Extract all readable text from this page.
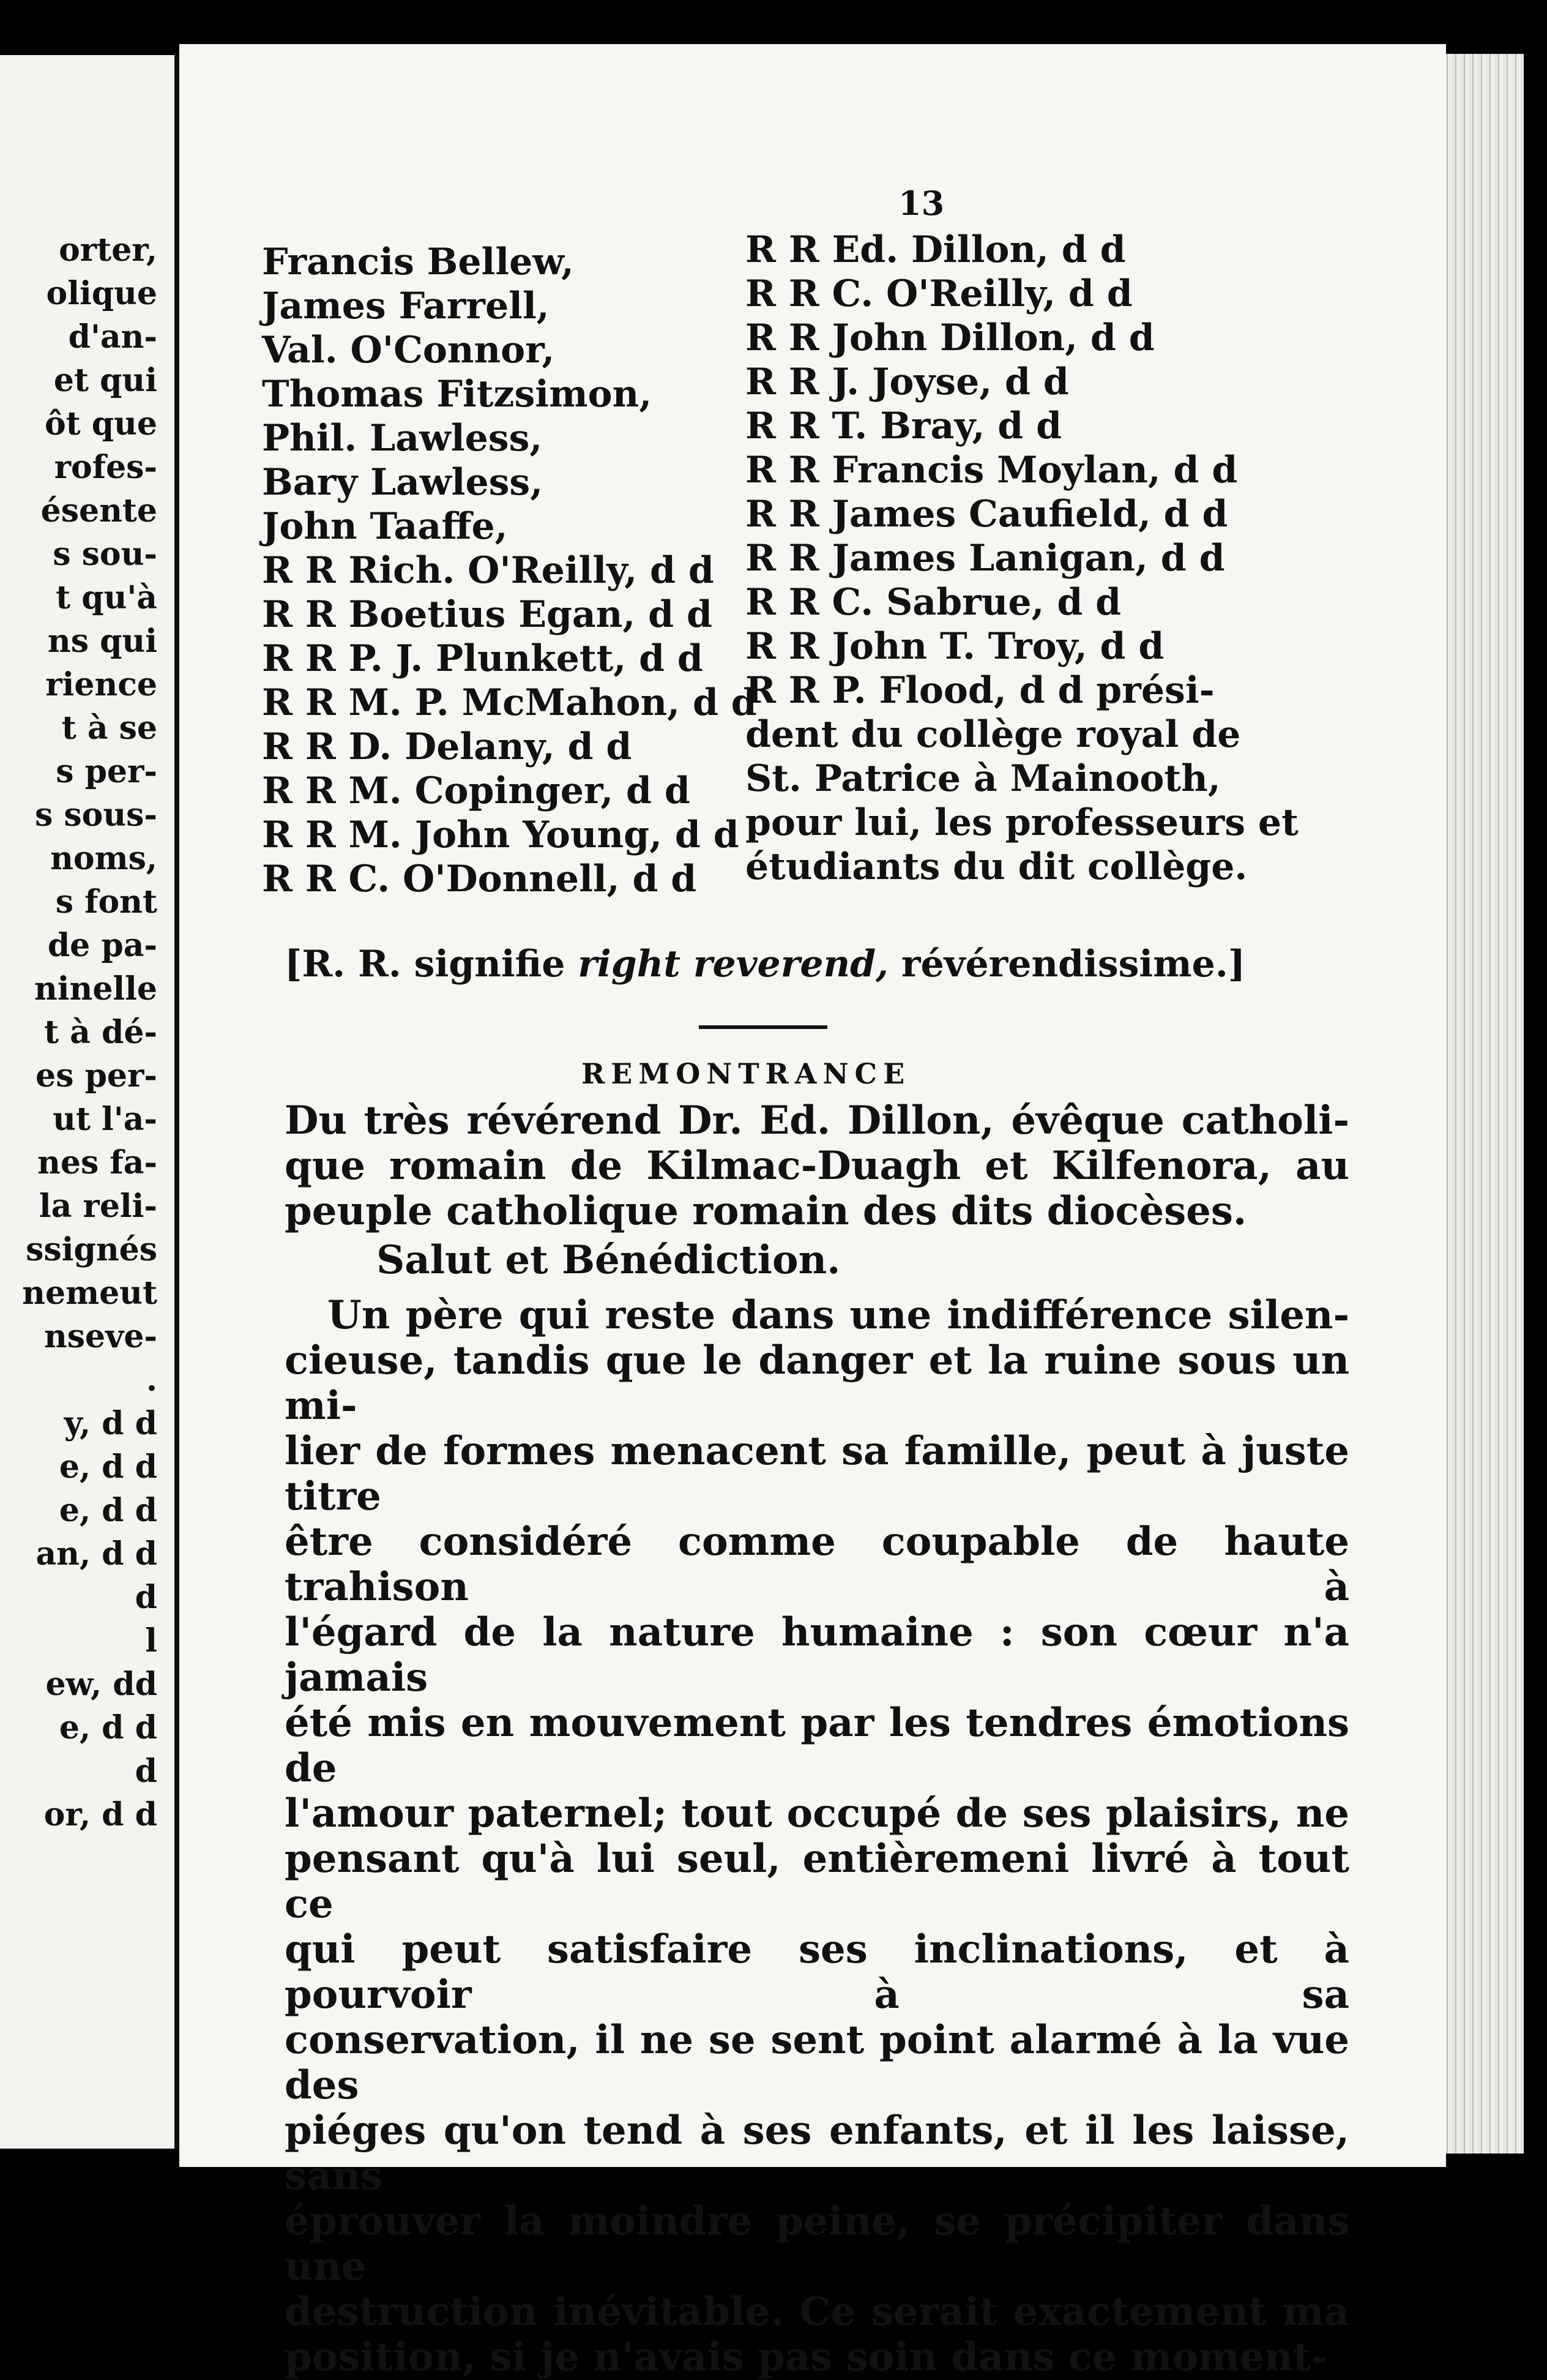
orter,
olique
d'an-
et qui
ôt que
rofes-
ésente
s sou-
t qu'à
ns qui
rience
t à se
s per-
s sous-
noms,
s font
de pa-
ninelle
t à dé-
es per-
ut l'a-
nes fa-
la reli-
ssignés
nemeut
nseve-
.
y, d d
e, d d
e, d d
an, d d
d
l
ew, dd
e, d d
d
or, d d
13
Francis Bellew,
James Farrell,
Val. O'Connor,
Thomas Fitzsimon,
Phil. Lawless,
Bary Lawless,
John Taaffe,
R R Rich. O'Reilly, d d
R R Boetius Egan, d d
R R P. J. Plunkett, d d
R R M. P. McMahon, d d
R R D. Delany, d d
R R M. Copinger, d d
R R M. John Young, d d
R R C. O'Donnell, d d
R R Ed. Dillon, d d
R R C. O'Reilly, d d
R R John Dillon, d d
R R J. Joyse, d d
R R T. Bray, d d
R R Francis Moylan, d d
R R James Caufield, d d
R R James Lanigan, d d
R R C. Sabrue, d d
R R John T. Troy, d d
R R P. Flood, d d prési-
dent du collège royal de
St. Patrice à Mainooth,
pour lui, les professeurs et
étudiants du dit collège.
[R. R. signifie right reverend, révérendissime.]
REMONTRANCE

Du très révérend Dr. Ed. Dillon, évêque catholi-

que romain de Kilmac-Duagh et Kilfenora, au

peuple catholique romain des dits diocèses.

Salut et Bénédiction.

Un père qui reste dans une indifférence silen-

cieuse, tandis que le danger et la ruine sous un mi-

lier de formes menacent sa famille, peut à juste titre

être considéré comme coupable de haute trahison à

l'égard de la nature humaine : son cœur n'a jamais

été mis en mouvement par les tendres émotions de

l'amour paternel; tout occupé de ses plaisirs, ne

pensant qu'à lui seul, entièremeni livré à tout ce

qui peut satisfaire ses inclinations, et à pourvoir à sa

conservation, il ne se sent point alarmé à la vue des

piéges qu'on tend à ses enfants, et il les laisse, sans

éprouver la moindre peine, se précipiter dans une

destruction inévitable. Ce serait exactement ma

position, si je n'avais pas soin dans ce moment-
